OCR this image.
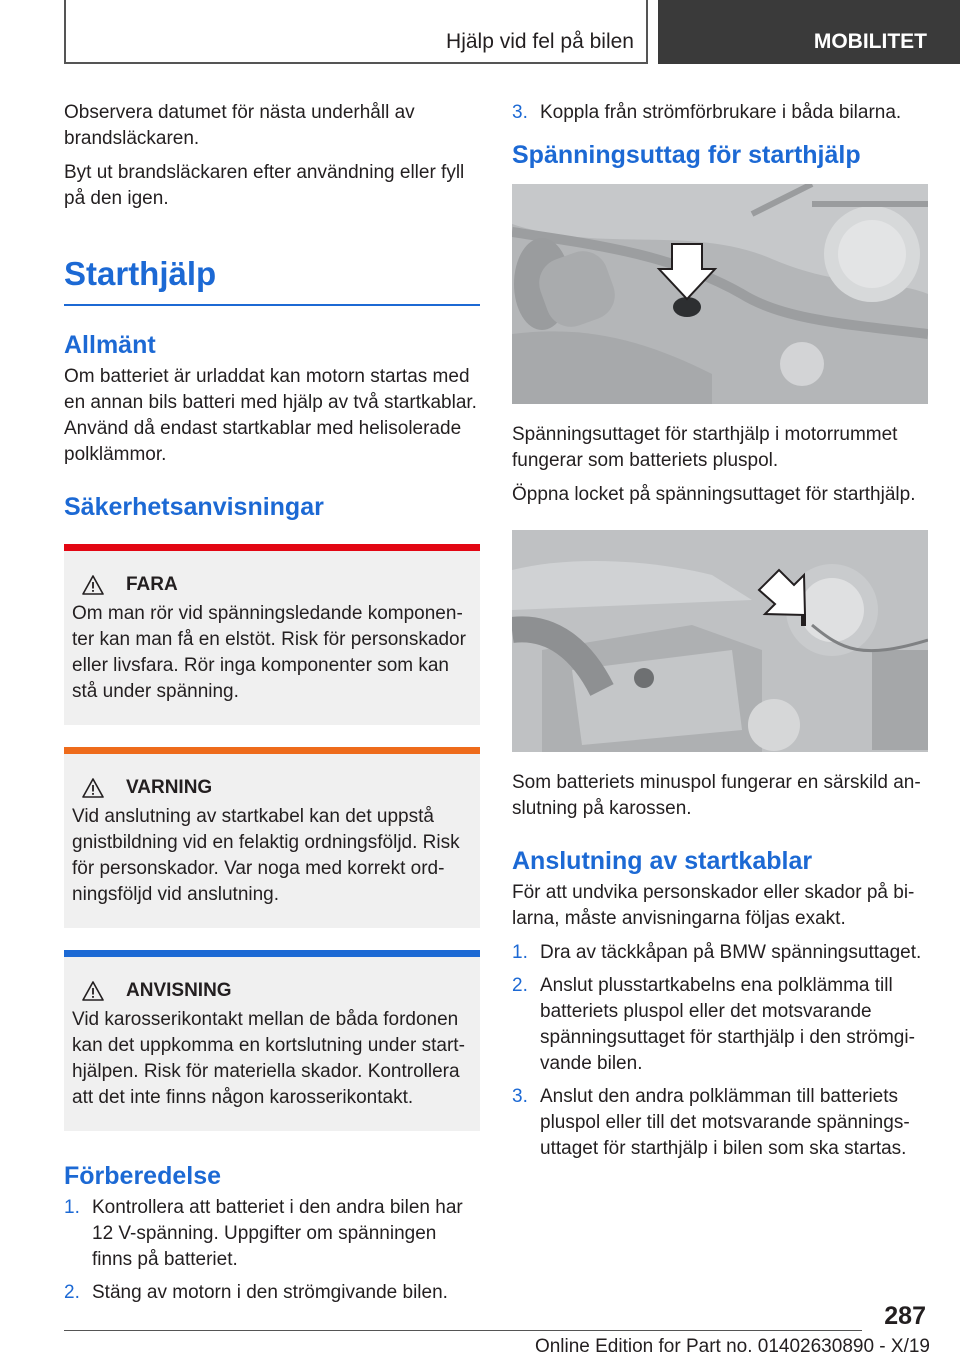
Hjälp vid fel på bilen	MOBILITET

Observera datumet för nästa underhåll av brandsläckaren.

Byt ut brandsläckaren efter användning eller fyll på den igen.

Starthjälp
Allmänt

Om batteriet är urladdat kan motorn startas med en annan bils batteri med hjälp av två startkablar. Använd då endast startkablar med helisolerade polklämmor.

Säkerhetsanvisningar
FARA

Om man rör vid spänningsledande komponenter kan man få en elstöt. Risk för personskador eller livsfara. Rör inga komponenter som kan stå under spänning.

VARNING

Vid anslutning av startkabel kan det uppstå gnistbildning vid en felaktig ordningsföljd. Risk för personskador. Var noga med korrekt ordningsföljd vid anslutning.

ANVISNING

Vid karosserikontakt mellan de båda fordonen kan det uppkomma en kortslutning under starthjälpen. Risk för materiella skador. Kontrollera att det inte finns någon karosserikontakt.

Förberedelse
1. Kontrollera att batteriet i den andra bilen har 12 V-spänning. Uppgifter om spänningen finns på batteriet.
2. Stäng av motorn i den strömgivande bilen.
3. Koppla från strömförbrukare i båda bilarna.
Spänningsuttag för starthjälp

Spänningsuttaget för starthjälp i motorrummet fungerar som batteriets pluspol.

Öppna locket på spänningsuttaget för starthjälp.

Som batteriets minuspol fungerar en särskild anslutning på karossen.

Anslutning av startkablar

För att undvika personskador eller skador på bilarna, måste anvisningarna följas exakt.

1. Dra av täckkåpan på BMW spänningsuttaget.
2. Anslut plusstartkabelns ena polklämma till batteriets pluspol eller det motsvarande spänningsuttaget för starthjälp i den strömgivande bilen.
3. Anslut den andra polklämman till batteriets pluspol eller till det motsvarande spänningsuttaget för starthjälp i bilen som ska startas.
287
Online Edition for Part no. 01402630890 - X/19
